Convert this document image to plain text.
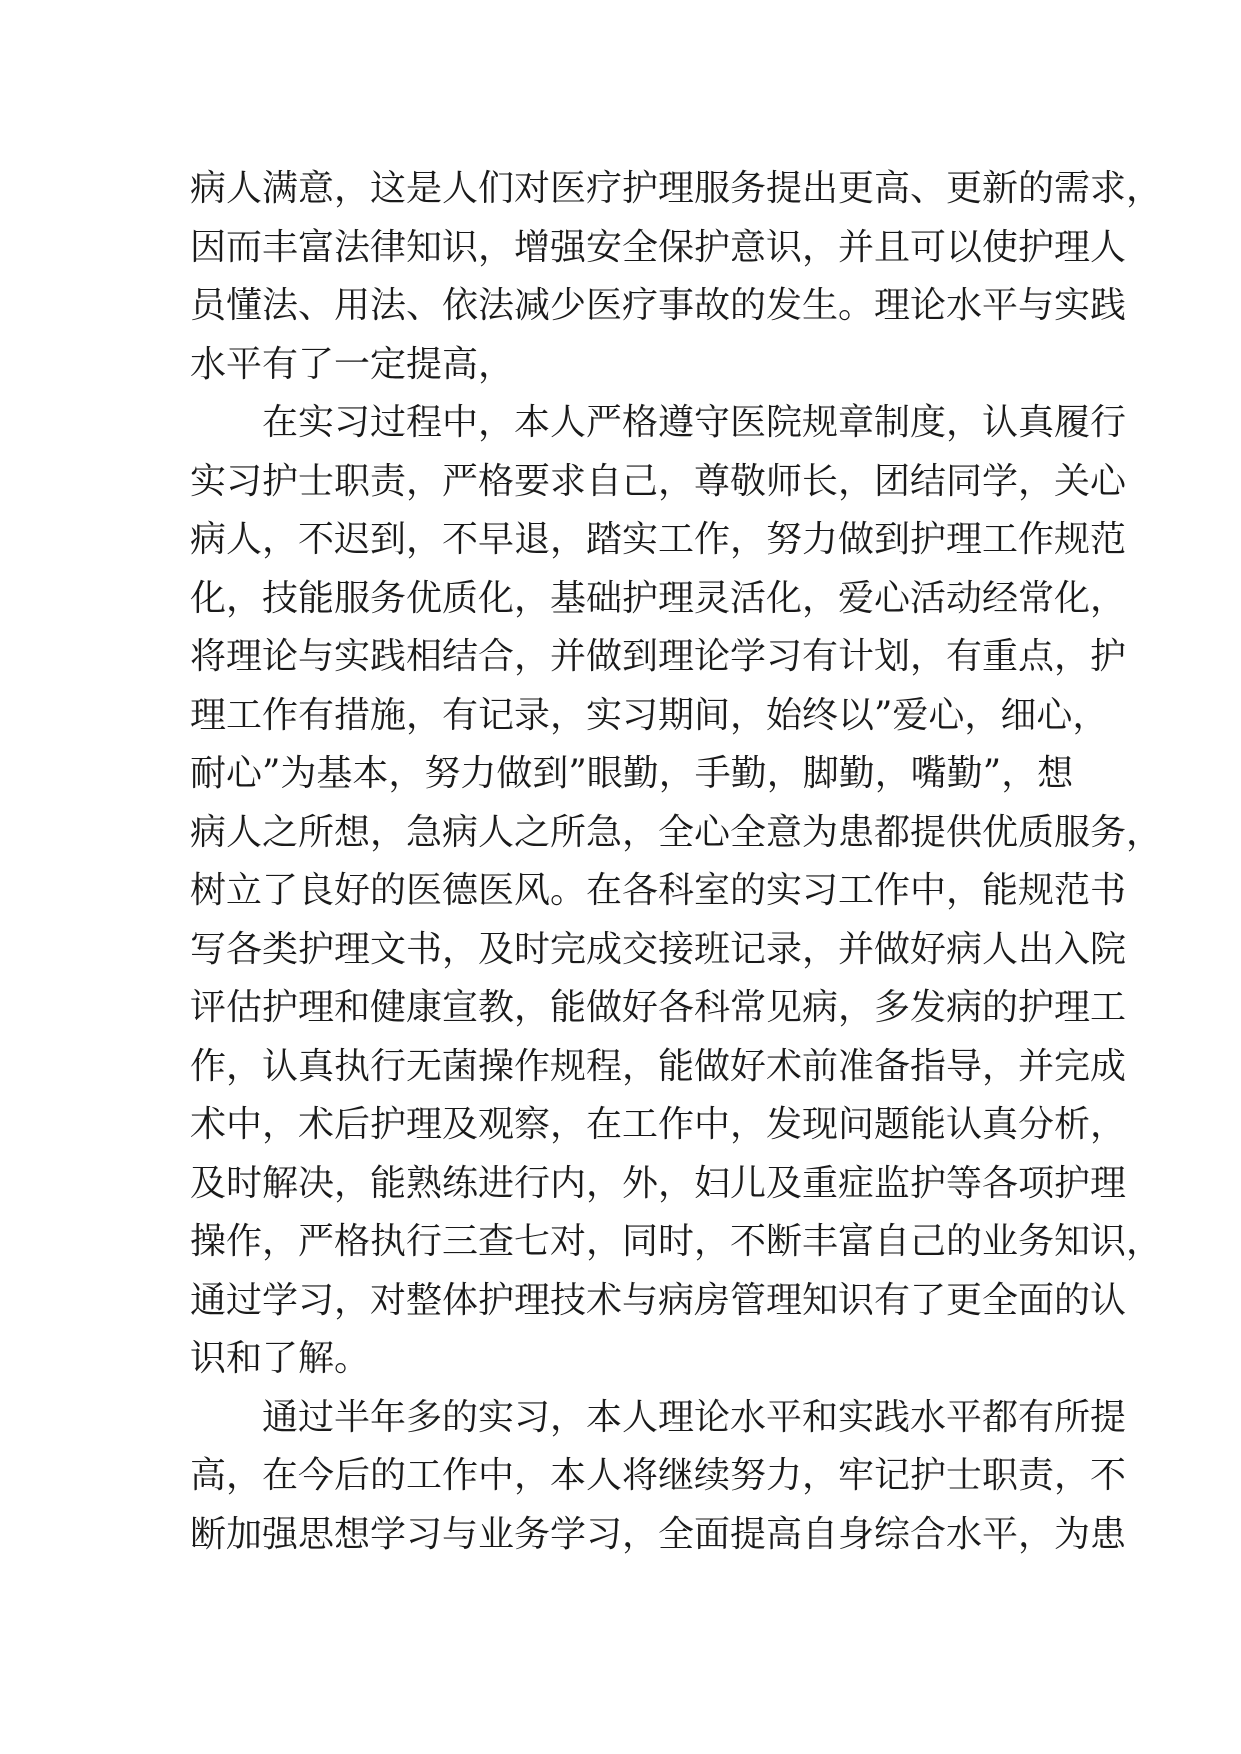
病人满意，这是人们对医疗护理服务提出更高、更新的需求，
因而丰富法律知识，增强安全保护意识，并且可以使护理人
员懂法、用法、依法减少医疗事故的发生。理论水平与实践
水平有了一定提高，
在实习过程中，本人严格遵守医院规章制度，认真履行
实习护士职责，严格要求自己，尊敬师长，团结同学，关心
病人，不迟到，不早退，踏实工作，努力做到护理工作规范
化，技能服务优质化，基础护理灵活化，爱心活动经常化，
将理论与实践相结合，并做到理论学习有计划，有重点，护
理工作有措施，有记录，实习期间，始终以”爱心，细心，
耐心”为基本，努力做到”眼勤，手勤，脚勤，嘴勤”，想
病人之所想，急病人之所急，全心全意为患都提供优质服务，
树立了良好的医德医风。在各科室的实习工作中，能规范书
写各类护理文书，及时完成交接班记录，并做好病人出入院
评估护理和健康宣教，能做好各科常见病，多发病的护理工
作，认真执行无菌操作规程，能做好术前准备指导，并完成
术中，术后护理及观察，在工作中，发现问题能认真分析，
及时解决，能熟练进行内，外，妇儿及重症监护等各项护理
操作，严格执行三查七对，同时，不断丰富自己的业务知识，
通过学习，对整体护理技术与病房管理知识有了更全面的认
识和了解。
通过半年多的实习，本人理论水平和实践水平都有所提
高，在今后的工作中，本人将继续努力，牢记护士职责，不
断加强思想学习与业务学习，全面提高自身综合水平，为患
